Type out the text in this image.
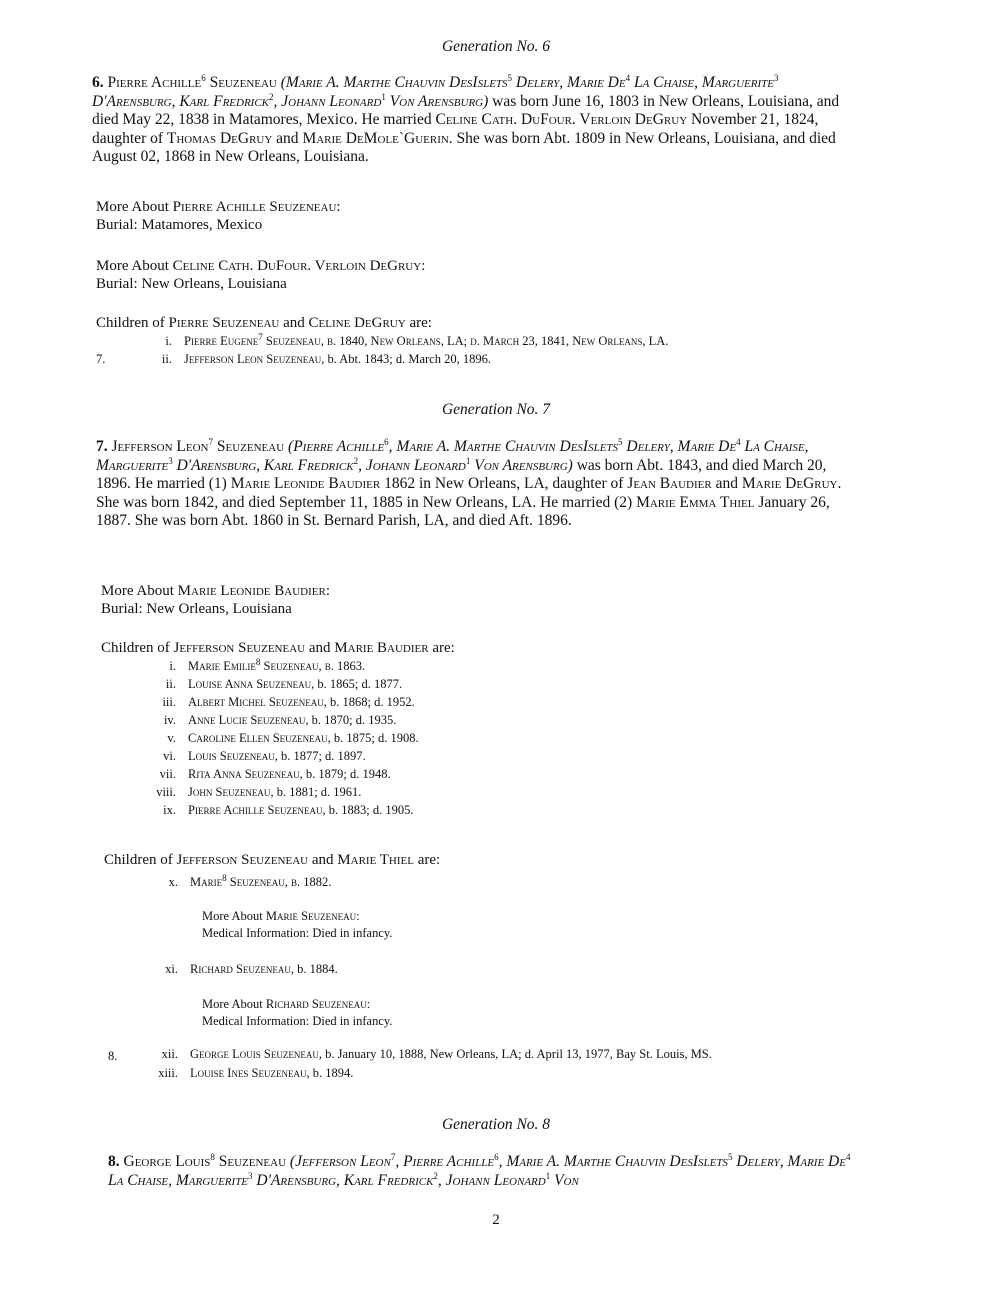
Generation No. 6
6. Pierre Achille$^6$ Seuzeneau (Marie A. Marthe Chauvin DesIslets$^5$ Delery, Marie De$^4$ La Chaise, Marguerite$^3$ D'Arensburg, Karl Fredrick$^2$, Johann Leonard$^1$ Von Arensburg) was born June 16, 1803 in New Orleans, Louisiana, and died May 22, 1838 in Matamores, Mexico. He married Celine Cath. DuFour. Verloin DeGruy November 21, 1824, daughter of Thomas DeGruy and Marie DeMole`Guerin. She was born Abt. 1809 in New Orleans, Louisiana, and died August 02, 1868 in New Orleans, Louisiana.
More About Pierre Achille Seuzeneau:
Burial: Matamores, Mexico
More About Celine Cath. DuFour. Verloin DeGruy:
Burial: New Orleans, Louisiana
Children of Pierre Seuzeneau and Celine DeGruy are:
i. Pierre Eugene$^7$ Seuzeneau, b. 1840, New Orleans, LA; d. March 23, 1841, New Orleans, LA.
7.	ii. Jefferson Leon Seuzeneau, b. Abt. 1843; d. March 20, 1896.
Generation No. 7
7. Jefferson Leon$^7$ Seuzeneau (Pierre Achille$^6$, Marie A. Marthe Chauvin DesIslets$^5$ Delery, Marie De$^4$ La Chaise, Marguerite$^3$ D'Arensburg, Karl Fredrick$^2$, Johann Leonard$^1$ Von Arensburg) was born Abt. 1843, and died March 20, 1896. He married (1) Marie Leonide Baudier 1862 in New Orleans, LA, daughter of Jean Baudier and Marie DeGruy. She was born 1842, and died September 11, 1885 in New Orleans, LA. He married (2) Marie Emma Thiel January 26, 1887. She was born Abt. 1860 in St. Bernard Parish, LA, and died Aft. 1896.
More About Marie Leonide Baudier:
Burial: New Orleans, Louisiana
Children of Jefferson Seuzeneau and Marie Baudier are:
i. Marie Emilie$^8$ Seuzeneau, b. 1863.
ii. Louise Anna Seuzeneau, b. 1865; d. 1877.
iii. Albert Michel Seuzeneau, b. 1868; d. 1952.
iv. Anne Lucie Seuzeneau, b. 1870; d. 1935.
v. Caroline Ellen Seuzeneau, b. 1875; d. 1908.
vi. Louis Seuzeneau, b. 1877; d. 1897.
vii. Rita Anna Seuzeneau, b. 1879; d. 1948.
viii. John Seuzeneau, b. 1881; d. 1961.
ix. Pierre Achille Seuzeneau, b. 1883; d. 1905.
Children of Jefferson Seuzeneau and Marie Thiel are:
x. Marie$^8$ Seuzeneau, b. 1882.
More About Marie Seuzeneau:
Medical Information: Died in infancy.
xi. Richard Seuzeneau, b. 1884.
More About Richard Seuzeneau:
Medical Information: Died in infancy.
8.	xii. George Louis Seuzeneau, b. January 10, 1888, New Orleans, LA; d. April 13, 1977, Bay St. Louis, MS.
xiii. Louise Ines Seuzeneau, b. 1894.
Generation No. 8
8. George Louis$^8$ Seuzeneau (Jefferson Leon$^7$, Pierre Achille$^6$, Marie A. Marthe Chauvin DesIslets$^5$ Delery, Marie De$^4$ La Chaise, Marguerite$^3$ D'Arensburg, Karl Fredrick$^2$, Johann Leonard$^1$ Von
2
